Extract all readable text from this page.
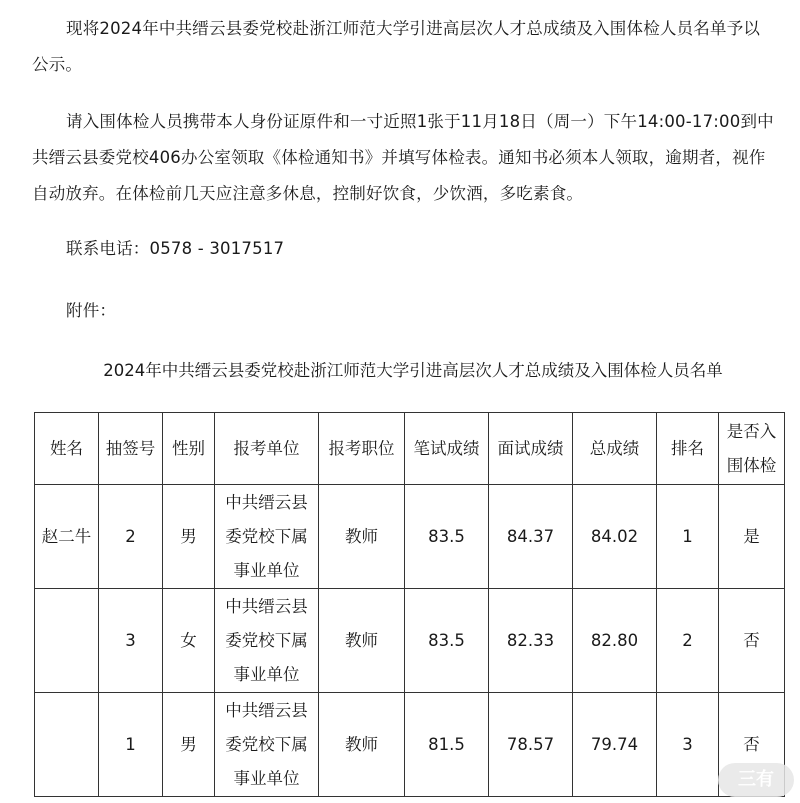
现将2024年中共缙云县委党校赴浙江师范大学引进高层次人才总成绩及入围体检人员名单予以公示。

请入围体检人员携带本人身份证原件和一寸近照1张于11月18日（周一）下午14:00-17:00到中共缙云县委党校406办公室领取《体检通知书》并填写体检表。通知书必须本人领取，逾期者，视作自动放弃。在体检前几天应注意多休息，控制好饮食，少饮酒，多吃素食。

联系电话：0578 - 3017517

附件：

2024年中共缙云县委党校赴浙江师范大学引进高层次人才总成绩及入围体检人员名单
姓名	抽签号	性别	报考单位	报考职位	笔试成绩	面试成绩	总成绩	排名	是否入围体检
赵二牛	2	男	中共缙云县委党校下属事业单位	教师	83.5	84.37	84.02	1	是
	3	女	中共缙云县委党校下属事业单位	教师	83.5	82.33	82.80	2	否
	1	男	中共缙云县委党校下属事业单位	教师	81.5	78.57	79.74	3	否
三有
